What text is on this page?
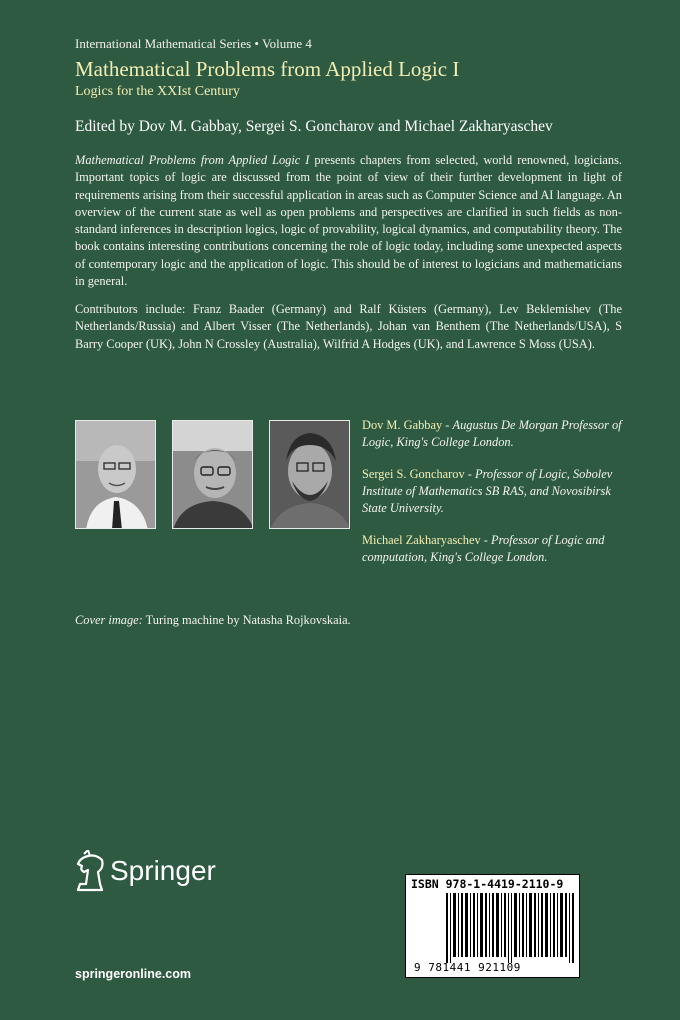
International Mathematical Series • Volume 4
Mathematical Problems from Applied Logic I
Logics for the XXIst Century
Edited by Dov M. Gabbay, Sergei S. Goncharov and Michael Zakharyaschev

Mathematical Problems from Applied Logic I presents chapters from selected, world renowned, logicians. Important topics of logic are discussed from the point of view of their further development in light of requirements arising from their successful application in areas such as Computer Science and AI language. An overview of the current state as well as open problems and perspectives are clarified in such fields as non-standard inferences in description logics, logic of provability, logical dynamics, and computability theory. The book contains interesting contributions concerning the role of logic today, including some unexpected aspects of contemporary logic and the application of logic. This should be of interest to logicians and mathematicians in general.

Contributors include: Franz Baader (Germany) and Ralf Küsters (Germany), Lev Beklemishev (The Netherlands/Russia) and Albert Visser (The Netherlands), Johan van Benthem (The Netherlands/USA), S Barry Cooper (UK), John N Crossley (Australia), Wilfrid A Hodges (UK), and Lawrence S Moss (USA).

Dov M. Gabbay - Augustus De Morgan Professor of Logic, King's College London.
Sergei S. Goncharov - Professor of Logic, Sobolev Institute of Mathematics SB RAS, and Novosibirsk State University.
Michael Zakharyaschev - Professor of Logic and computation, King's College London.
Cover image: Turing machine by Natasha Rojkovskaia.
Springer
springeronline.com
ISBN 978-1-4419-2110-9
9 781441 921109
